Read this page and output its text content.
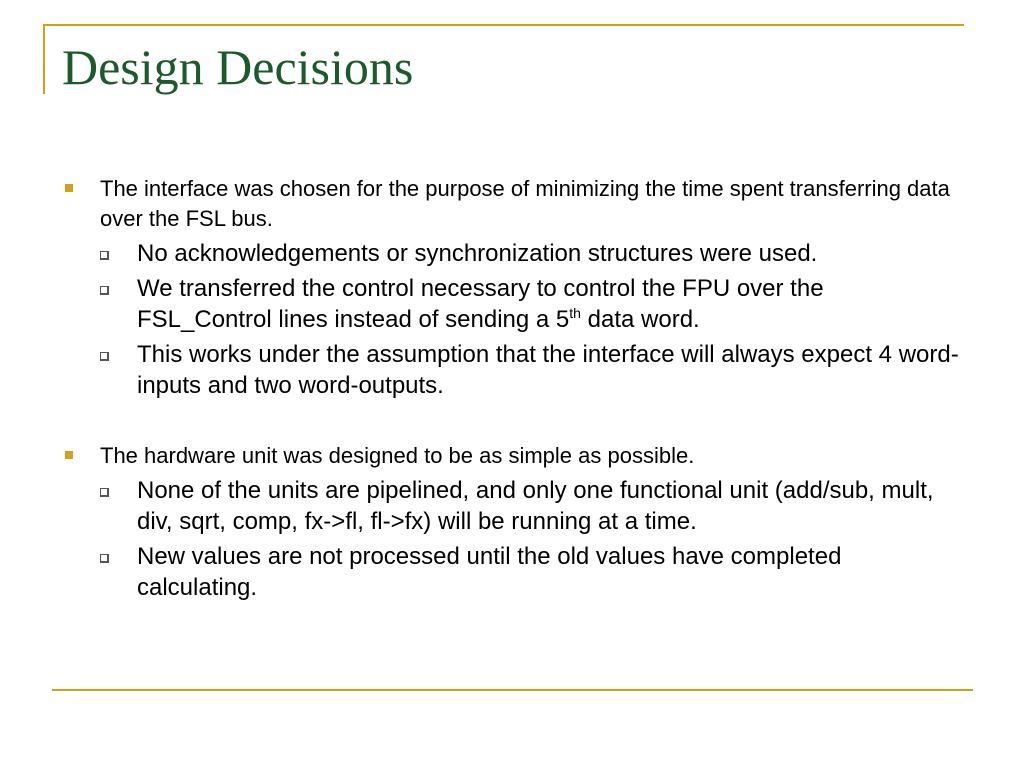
Design Decisions
The interface was chosen for the purpose of minimizing the time spent transferring data over the FSL bus.
No acknowledgements or synchronization structures were used.
We transferred the control necessary to control the FPU over the FSL_Control lines instead of sending a 5th data word.
This works under the assumption that the interface will always expect 4 word-inputs and two word-outputs.
The hardware unit was designed to be as simple as possible.
None of the units are pipelined, and only one functional unit (add/sub, mult, div, sqrt, comp, fx->fl, fl->fx) will be running at a time.
New values are not processed until the old values have completed calculating.
